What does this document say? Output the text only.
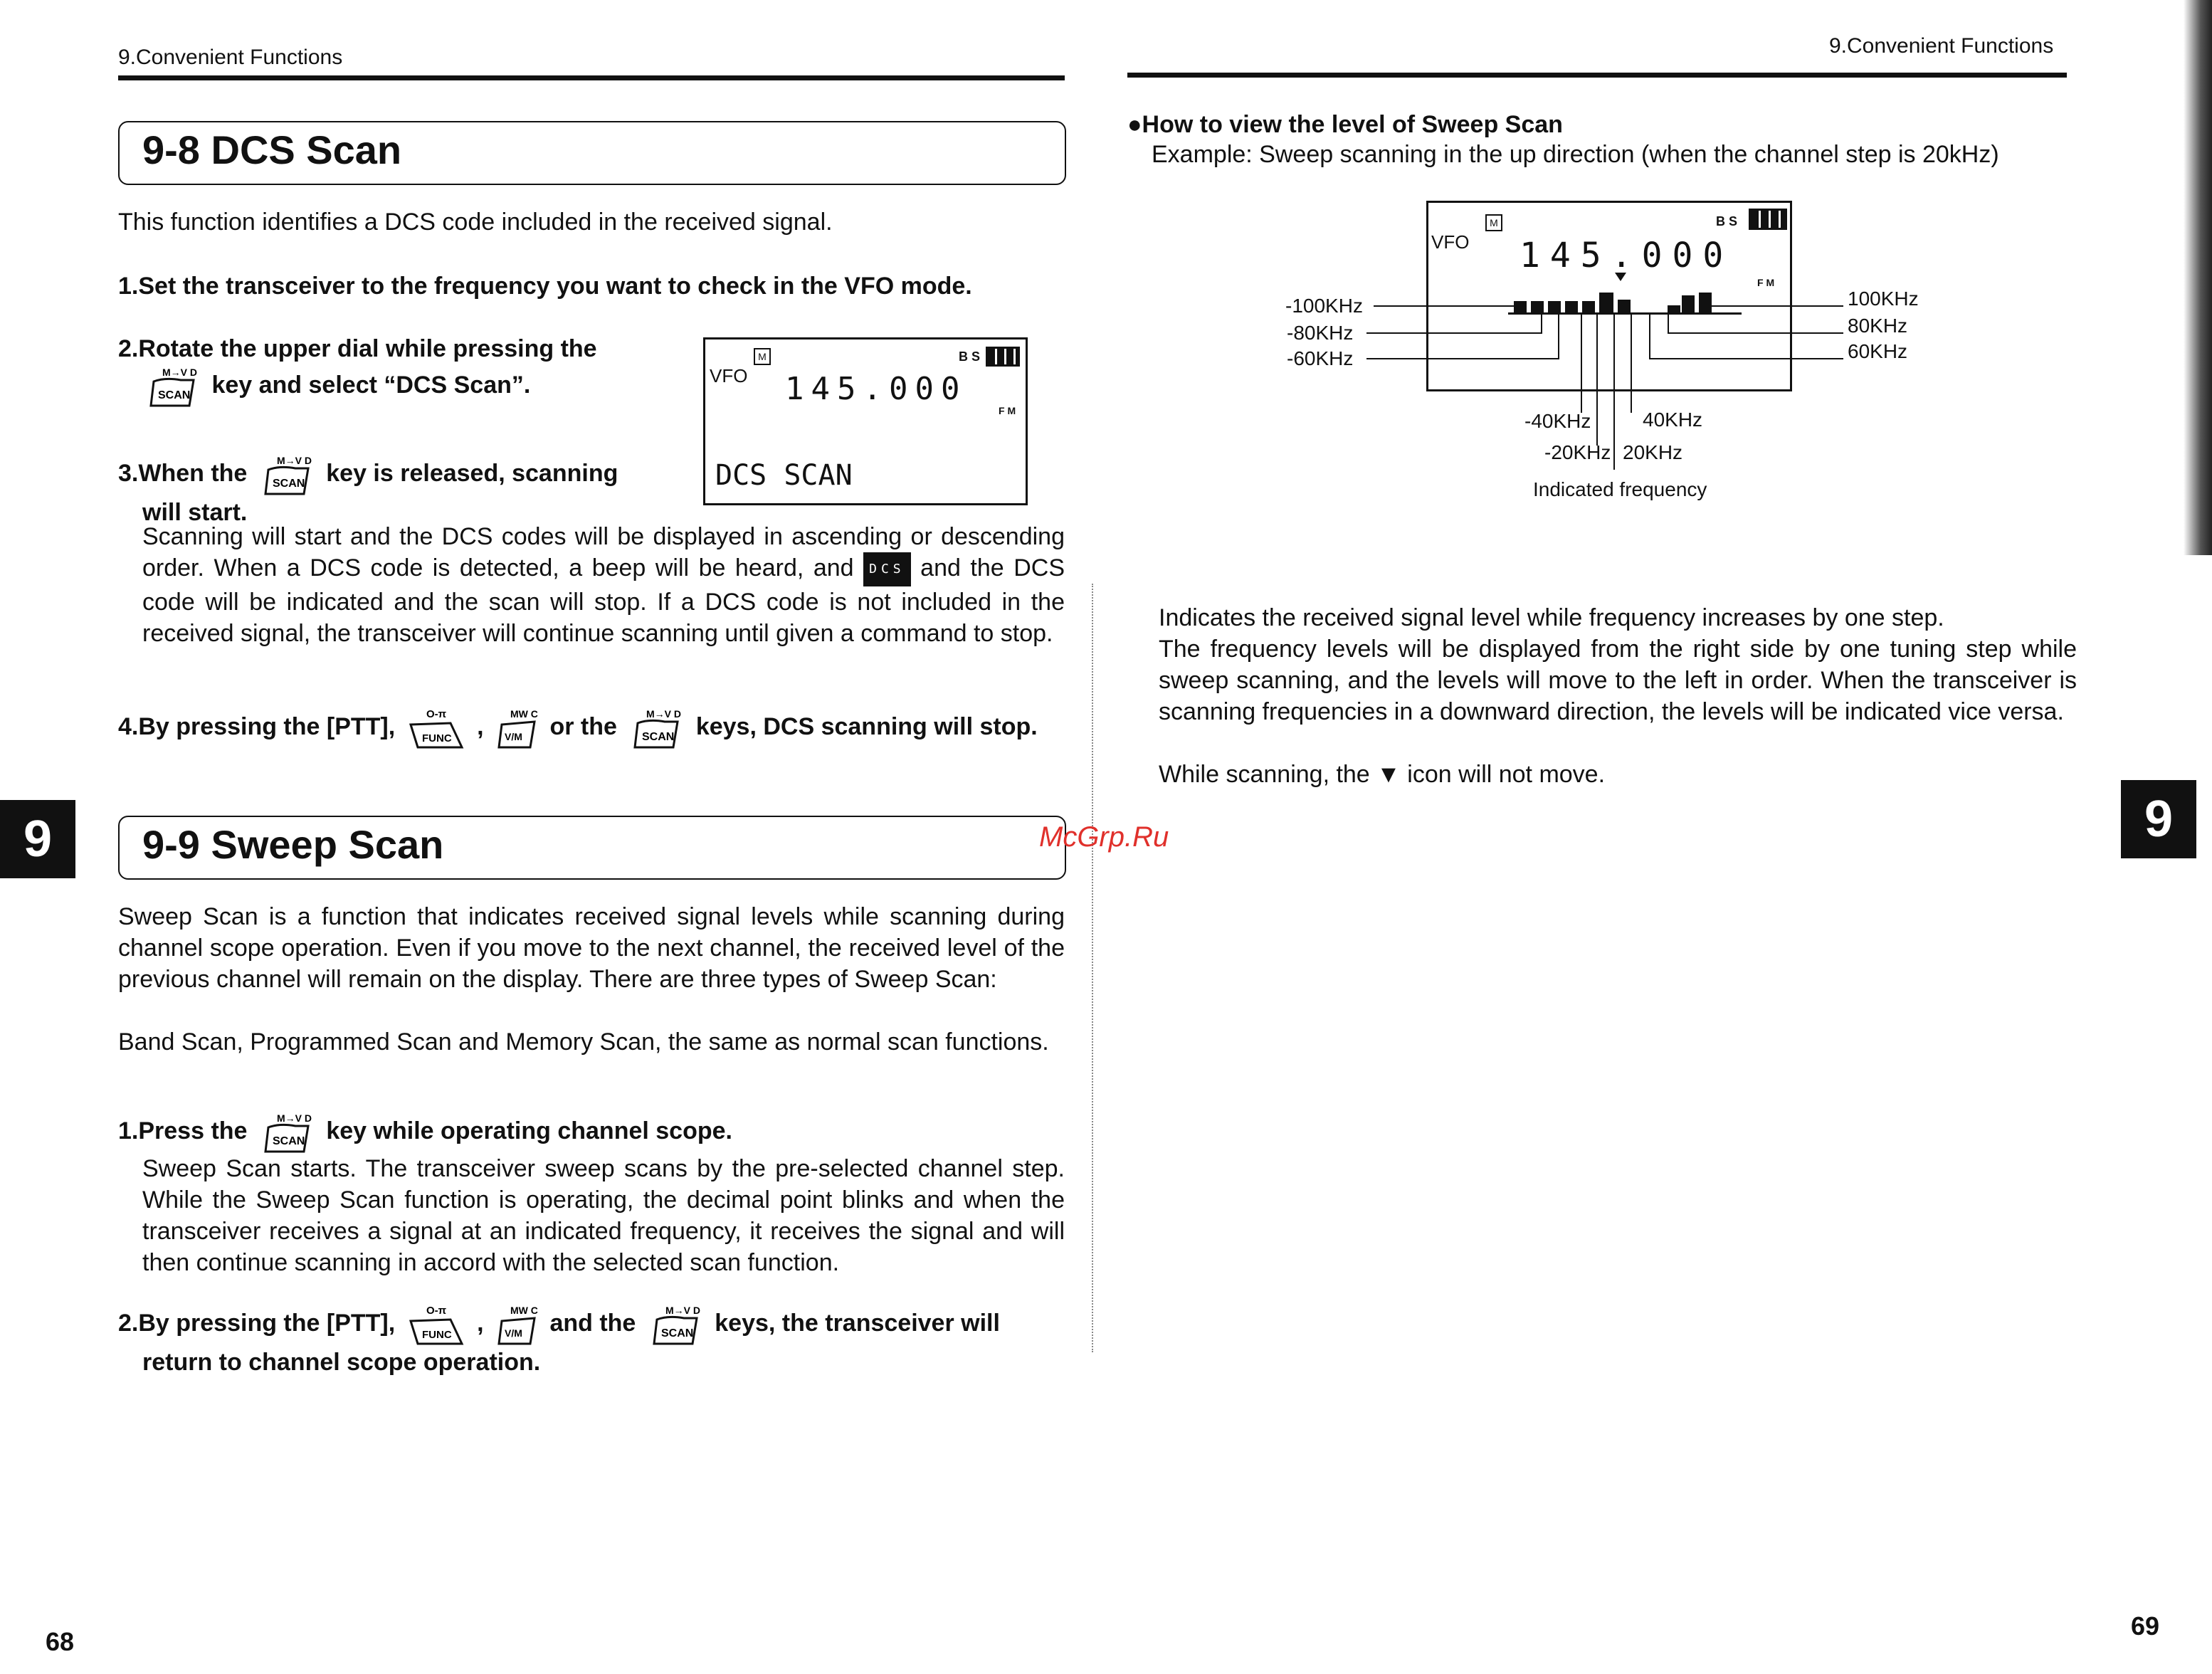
9.Convenient Functions
9-8 DCS Scan
This function identifies a DCS code included in the received signal.
1.Set the transceiver to the frequency you want to check in the VFO mode.
2.Rotate the upper dial while pressing the

M→V D
SCAN key and select “DCS Scan”.	VFO
M	B S
145.000
F M
DCS SCAN
3.When the	M→V D
SCAN key is released, scanning
will start.
Scanning will start and the DCS codes will be displayed in ascending or descending order. When a DCS code is detected, a beep will be heard, and DCS and the DCS code will be indicated and the scan will stop. If a DCS code is not included in the received signal, the transceiver will continue scanning until given a command to stop.
4.By pressing the [PTT],	O-π
FUNC ,	MW C
V/M or the	M→V D
SCAN keys, DCS scanning will stop.
9	9-9 Sweep Scan
Sweep Scan is a function that indicates received signal levels while scanning during channel scope operation. Even if you move to the next channel, the received level of the previous channel will remain on the display. There are three types of Sweep Scan:
Band Scan, Programmed Scan and Memory Scan, the same as normal scan functions.
1.Press the	M→V D
SCAN key while operating channel scope.
Sweep Scan starts. The transceiver sweep scans by the pre-selected channel step. While the Sweep Scan function is operating, the decimal point blinks and when the transceiver receives a signal at an indicated frequency, it receives the signal and will then continue scanning in accord with the selected scan function.
2.By pressing the [PTT],	O-π
FUNC ,	MW C
V/M and the	M→V D
SCAN keys, the transceiver will
return to channel scope operation.
68
McGrp.Ru
9.Convenient Functions
●How to view the level of Sweep Scan
Example: Sweep scanning in the up direction (when the channel step is 20kHz)
VFO
M	B S
145.000
F M
-100KHz
-80KHz
-60KHz
100KHz
80KHz
60KHz
-40KHz	40KHz
-20KHz 20KHz
Indicated frequency
Indicates the received signal level while frequency increases by one step.
The frequency levels will be displayed from the right side by one tuning step while sweep scanning, and the levels will move to the left in order. When the transceiver is scanning frequencies in a downward direction, the levels will be indicated vice versa.
While scanning, the ▼ icon will not move.
9
69
